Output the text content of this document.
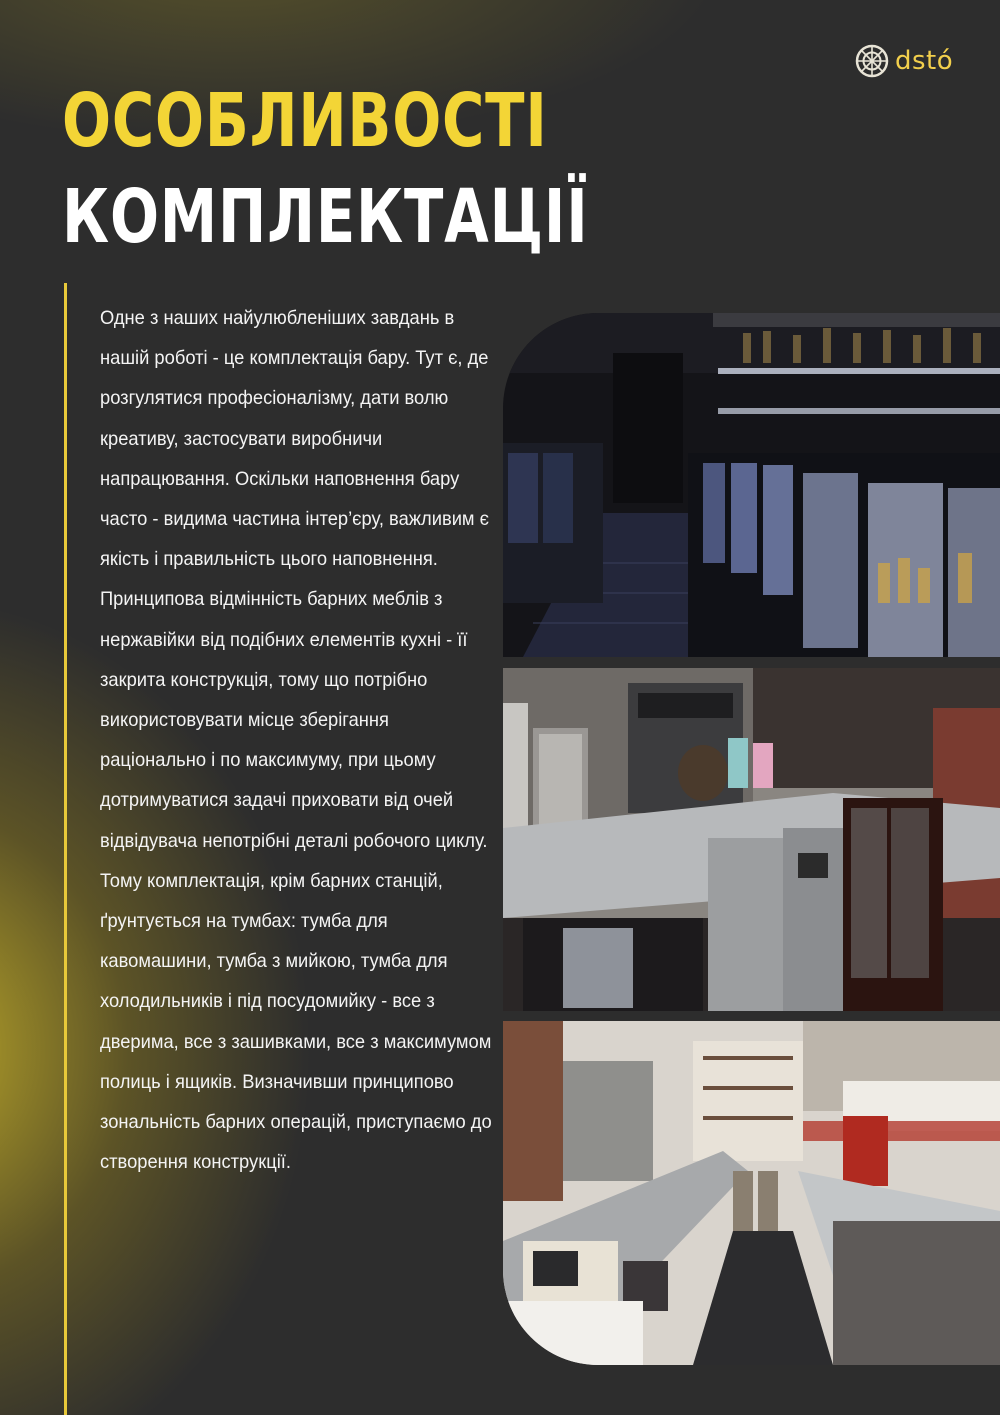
dstó
ОСОБЛИВОСТІ
КОМПЛЕКТАЦІЇ
Одне з наших найулюбленіших завдань в нашій роботі - це комплектація бару. Тут є, де розгулятися професіоналізму, дати волю креативу, застосувати виробничи напрацювання. Оскільки наповнення бару часто - видима частина інтер’єру, важливим є якість і правильність цього наповнення. Принципова відмінність барних меблів з нержавійки від подібних елементів кухні - її закрита конструкція, тому що потрібно використовувати місце зберігання раціонально і по максимуму, при цьому дотримуватися задачі приховати від очей відвідувача непотрібні деталі робочого циклу. Тому комплектація, крім барних станцій, ґрунтується на тумбах: тумба для кавомашини, тумба з мийкою, тумба для холодильників і під посудомийку - все з дверима, все з зашивками, все з максимумом полиць і ящиків. Визначивши принципово зональність барних операцій, приступаємо до створення конструкції.
